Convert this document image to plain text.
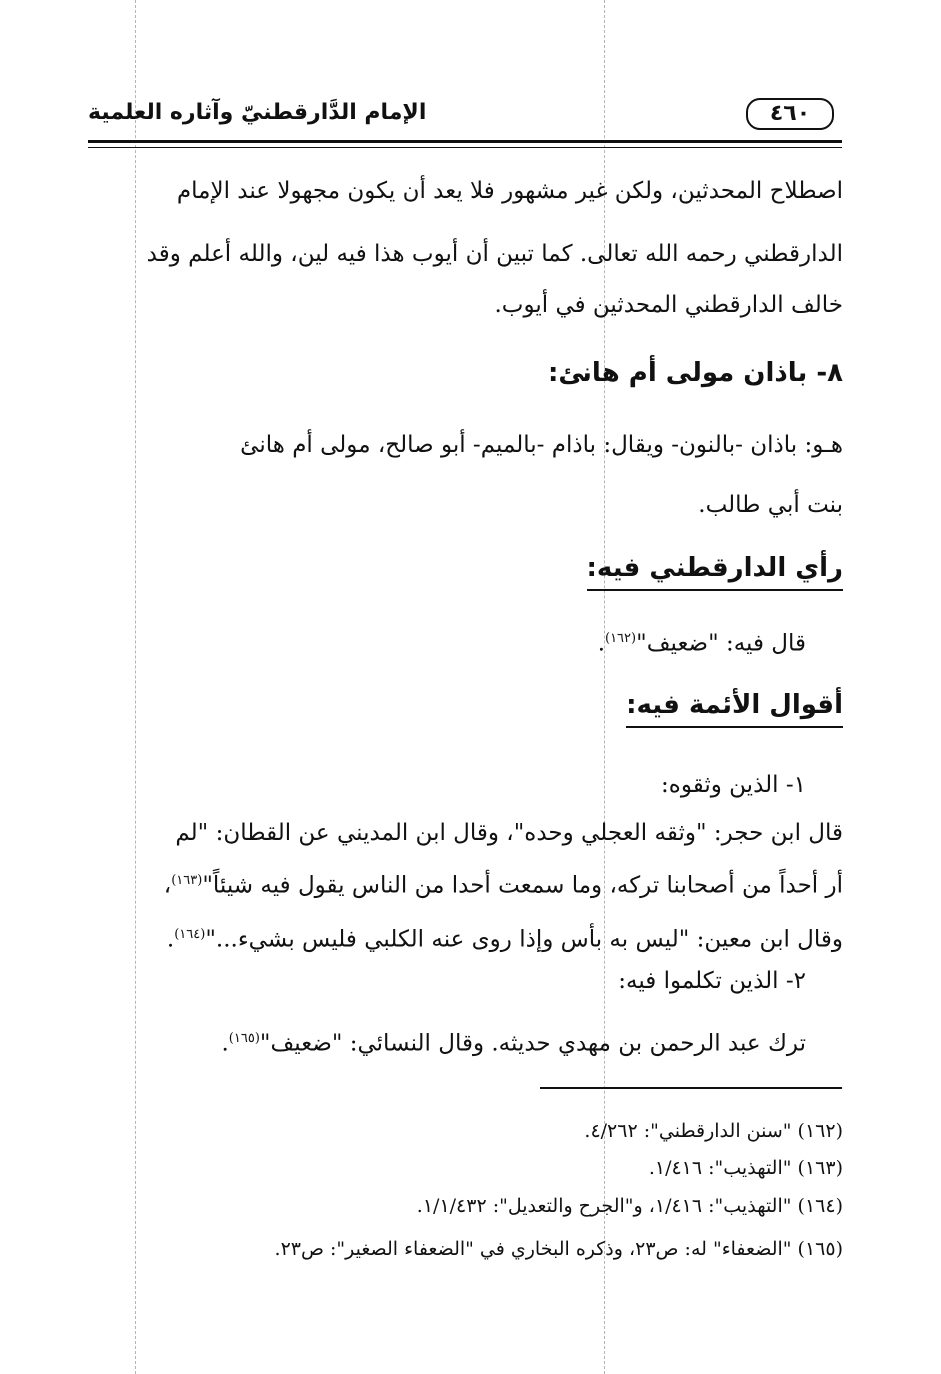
٤٦٠
الإمام الدَّارقطنيّ وآثاره العلمية
اصطلاح المحدثين، ولكن غير مشهور فلا يعد أن يكون مجهولا عند الإمام
الدارقطني رحمه الله تعالى. كما تبين أن أيوب هذا فيه لين، والله أعلم وقد
خالف الدارقطني المحدثين في أيوب.
٨- باذان مولى أم هانئ:
هـو: باذان -بالنون- ويقال: باذام -بالميم- أبو صالح، مولى أم هانئ
بنت أبي طالب.
رأي الدارقطني فيه:
قال فيه: "ضعيف"$^{(١٦٢)}$.
أقوال الأئمة فيه:
١- الذين وثقوه:
قال ابن حجر: "وثقه العجلي وحده"، وقال ابن المديني عن القطان: "لم
أر أحداً من أصحابنا تركه، وما سمعت أحدا من الناس يقول فيه شيئاً"$^{(١٦٣)}$،
وقال ابن معين: "ليس به بأس وإذا روى عنه الكلبي فليس بشيء..."$^{(١٦٤)}$.
٢- الذين تكلموا فيه:
ترك عبد الرحمن بن مهدي حديثه. وقال النسائي: "ضعيف"$^{(١٦٥)}$.
(١٦٢) "سنن الدارقطني": ٤/٢٦٢.
(١٦٣) "التهذيب": ١/٤١٦.
(١٦٤) "التهذيب": ١/٤١٦، و"الجرح والتعديل": ١/١/٤٣٢.
(١٦٥) "الضعفاء" له: ص٢٣، وذكره البخاري في "الضعفاء الصغير": ص٢٣.
